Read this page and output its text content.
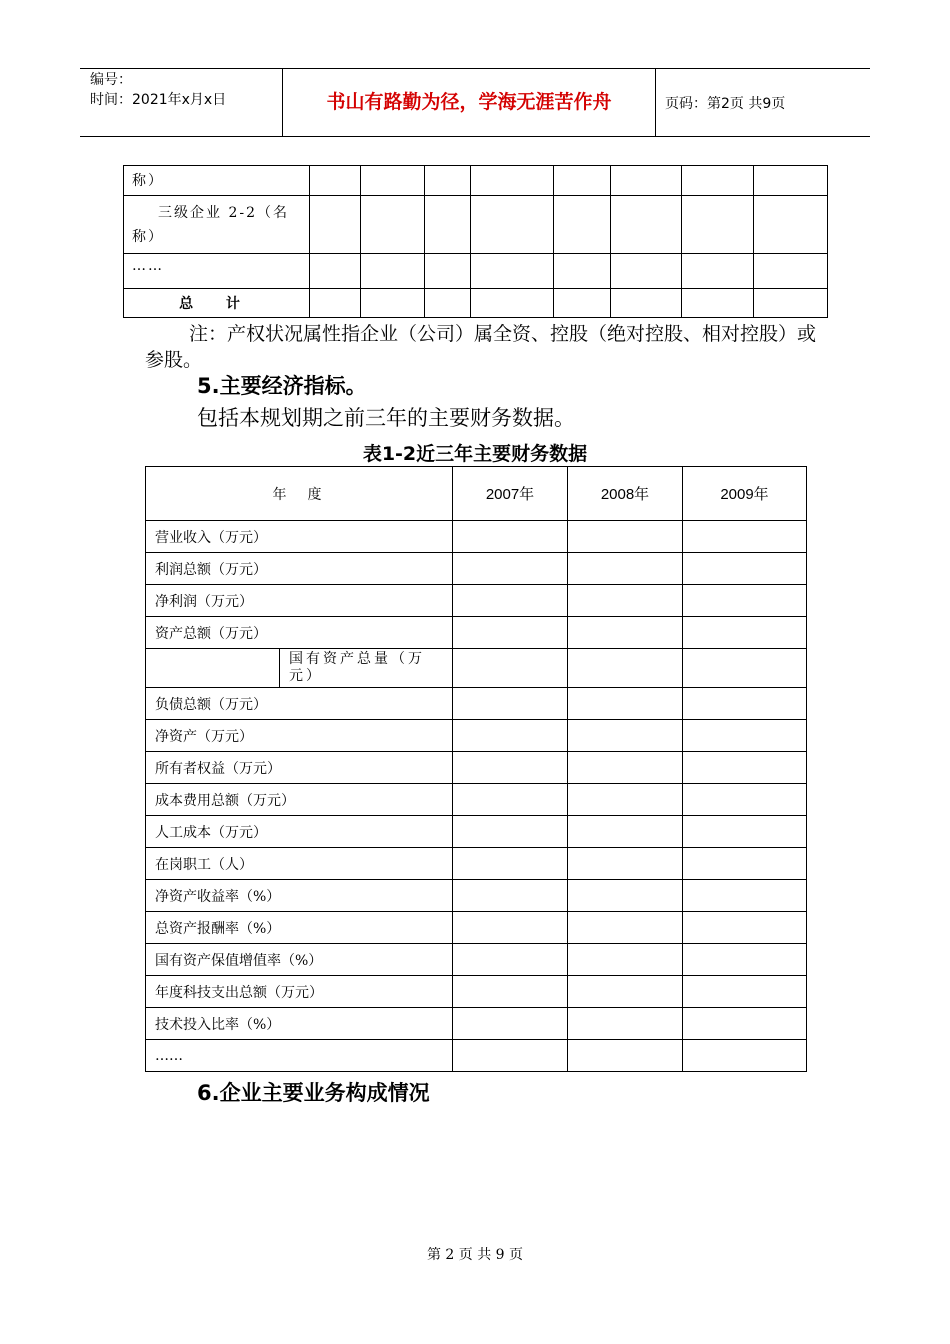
编号：
时间：2021年x月x日	书山有路勤为径，学海无涯苦作舟	页码：第2页 共9页
称）								

三级企业 2-2（名
称）								

……								
总 计								
注：产权状况属性指企业（公司）属全资、控股（绝对控股、相对控股）或参股。
5.主要经济指标。
包括本规划期之前三年的主要财务数据。
表1-2近三年主要财务数据
年  度		2007年	2008年	2009年
营业收入（万元）				
利润总额（万元）				
净利润（万元）				
资产总额（万元）				

	国有资产总量（万
元）			

负债总额（万元）				
净资产（万元）				
所有者权益（万元）				
成本费用总额（万元）				
人工成本（万元）				
在岗职工（人）				
净资产收益率（%）				
总资产报酬率（%）				
国有资产保值增值率（%）				
年度科技支出总额（万元）				
技术投入比率（%）				
……				
6.企业主要业务构成情况
第 2 页 共 9 页
